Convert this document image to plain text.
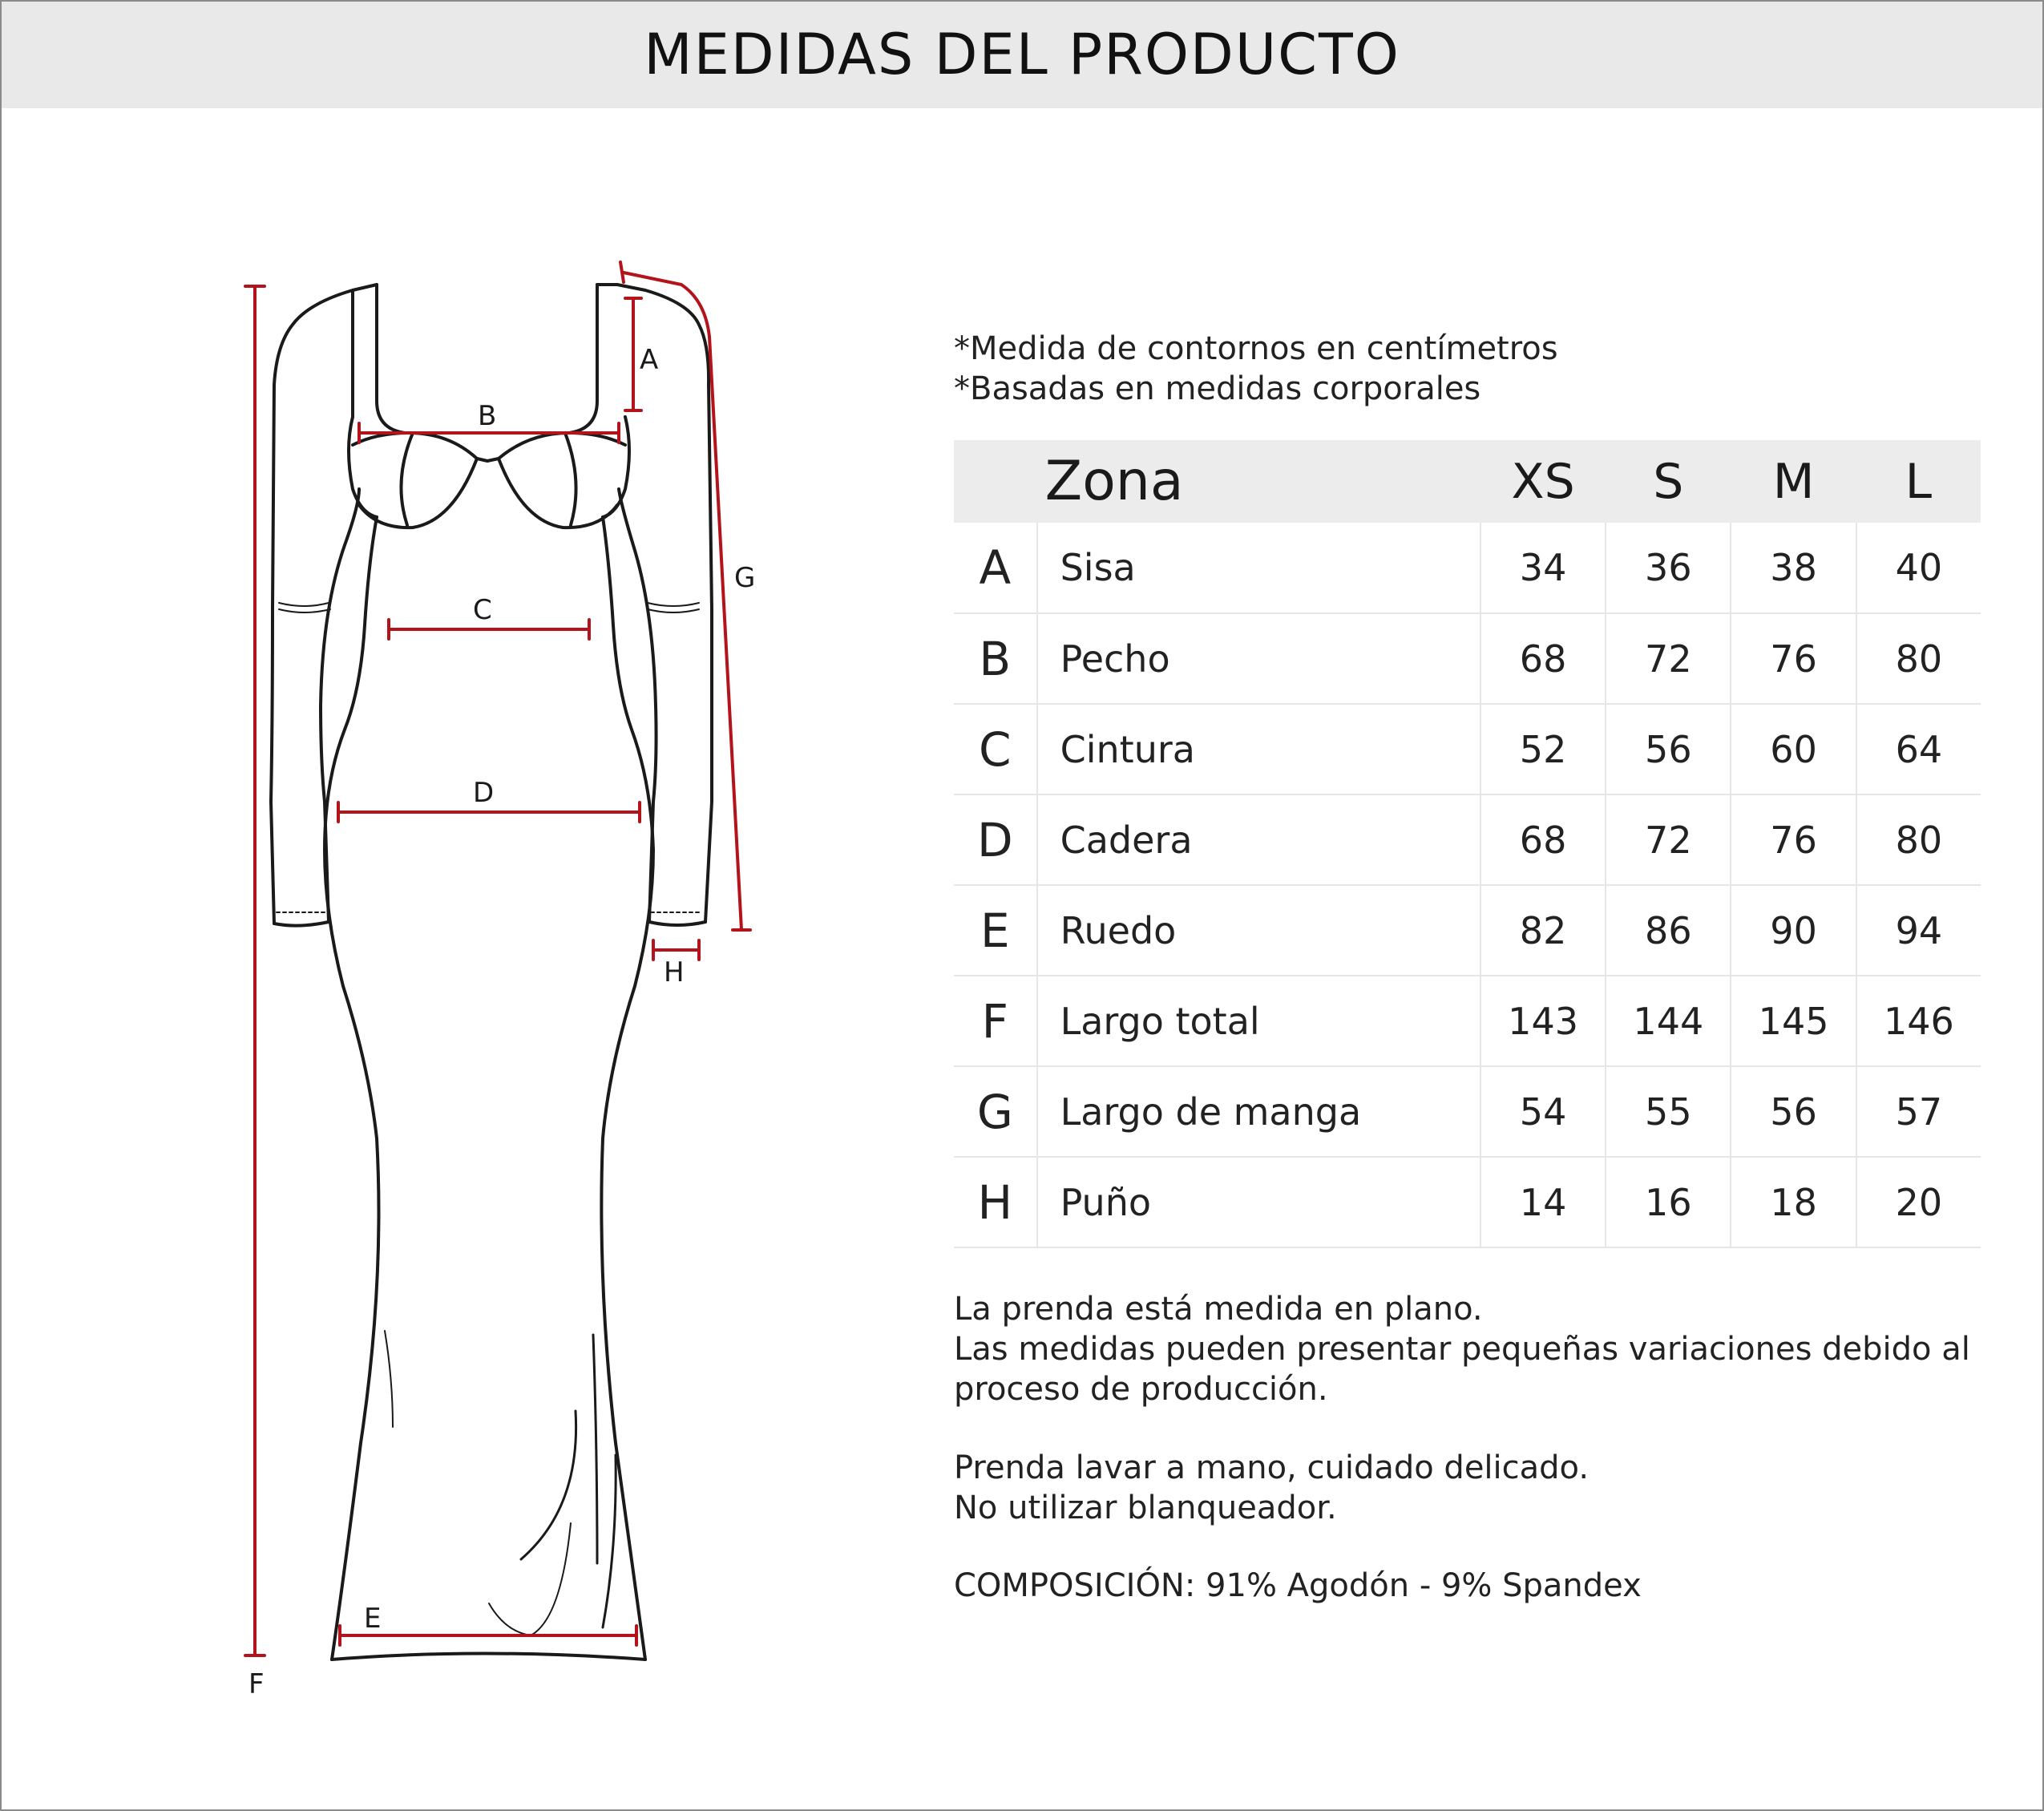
MEDIDAS DEL PRODUCTO
A
B
C
D
E
F
G
H
*Medida de contornos en centímetros
*Basadas en medidas corporales
	Zona	XS	S	M	L
A	Sisa	34	36	38	40
B	Pecho	68	72	76	80
C	Cintura	52	56	60	64
D	Cadera	68	72	76	80
E	Ruedo	82	86	90	94
F	Largo total	143	144	145	146
G	Largo de manga	54	55	56	57
H	Puño	14	16	18	20
La prenda está medida en plano.
Las medidas pueden presentar pequeñas variaciones debido al
proceso de producción.
Prenda lavar a mano, cuidado delicado.
No utilizar blanqueador.
COMPOSICIÓN: 91% Agodón - 9% Spandex
